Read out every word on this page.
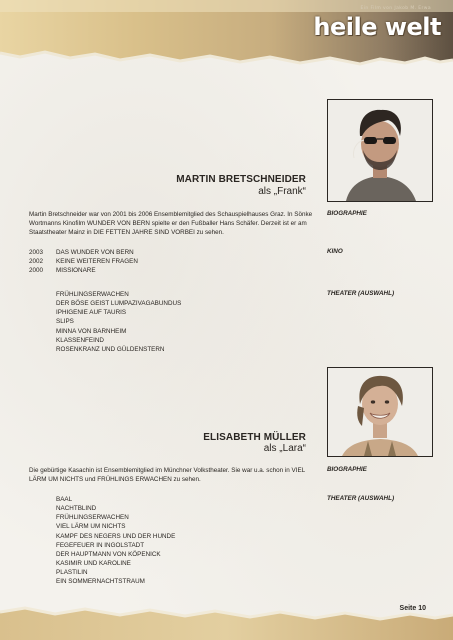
Ein Film von Jakob M. Erwa
heile welt
MARTIN BRETSCHNEIDER
als „Frank“
Martin Bretschneider war von 2001 bis 2006 Ensemblemitglied des Schauspielhauses Graz. In Sönke Wortmanns Kinofilm WUNDER VON BERN spielte er den Fußballer Hans Schäfer. Derzeit ist er am Staatstheater Mainz in DIE FETTEN JAHRE SIND VORBEI zu sehen.
BIOGRAPHIE
2003 DAS WUNDER VON BERN
2002 KEINE WEITEREN FRAGEN
2000 MISSIONARE
KINO
FRÜHLINGSERWACHEN
DER BÖSE GEIST LUMPAZIVAGABUNDUS
IPHIGENIE AUF TAURIS
SLIPS
MINNA VON BARNHEIM
KLASSENFEIND
ROSENKRANZ UND GÜLDENSTERN
THEATER (AUSWAHL)
ELISABETH MÜLLER
als „Lara“
Die gebürtige Kasachin ist Ensemblemitglied im Münchner Volkstheater. Sie war u.a. schon in VIEL LÄRM UM NICHTS und FRÜHLINGS ERWACHEN zu sehen.
BIOGRAPHIE
BAAL
NACHTBLIND
FRÜHLINGSERWACHEN
VIEL LÄRM UM NICHTS
KAMPF DES NEGERS UND DER HUNDE
FEGEFEUER IN INGOLSTADT
DER HAUPTMANN VON KÖPENICK
KASIMIR UND KAROLINE
PLASTILIN
EIN SOMMERNACHTSTRAUM
THEATER (AUSWAHL)
Seite 10
